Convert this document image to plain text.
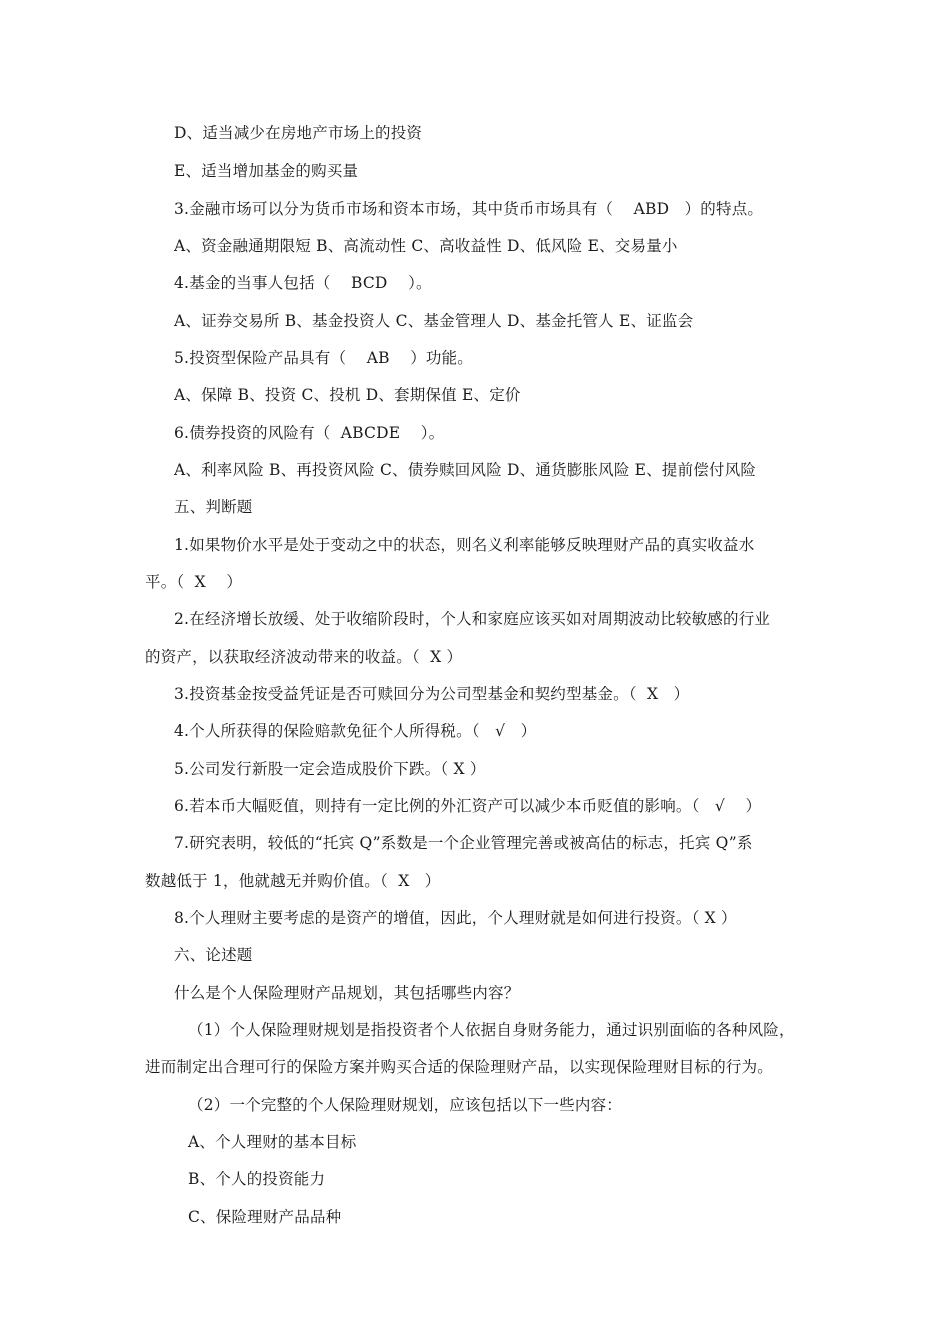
D、适当减少在房地产市场上的投资
E、适当增加基金的购买量
3.金融市场可以分为货币市场和资本市场，其中货币市场具有（    ABD   ）的特点。
A、资金融通期限短 B、高流动性 C、高收益性 D、低风险 E、交易量小
4.基金的当事人包括（    BCD    ）。
A、证券交易所 B、基金投资人 C、基金管理人 D、基金托管人 E、证监会
5.投资型保险产品具有（    AB    ）功能。
A、保障 B、投资 C、投机 D、套期保值 E、定价
6.债券投资的风险有（  ABCDE    ）。
A、利率风险 B、再投资风险 C、债券赎回风险 D、通货膨胀风险 E、提前偿付风险
五、判断题
1.如果物价水平是处于变动之中的状态，则名义利率能够反映理财产品的真实收益水
平。（  X    ）
2.在经济增长放缓、处于收缩阶段时，个人和家庭应该买如对周期波动比较敏感的行业
的资产，以获取经济波动带来的收益。（  X ）
3.投资基金按受益凭证是否可赎回分为公司型基金和契约型基金。（  X   ）
4.个人所获得的保险赔款免征个人所得税。（   √   ）
5.公司发行新股一定会造成股价下跌。（ X ）
6.若本币大幅贬值，则持有一定比例的外汇资产可以减少本币贬值的影响。（   √    ）
7.研究表明，较低的“托宾 Q”系数是一个企业管理完善或被高估的标志，托宾 Q”系
数越低于 1，他就越无并购价值。（  X   ）
8.个人理财主要考虑的是资产的增值，因此，个人理财就是如何进行投资。（ X ）
六、论述题
什么是个人保险理财产品规划，其包括哪些内容？
（1）个人保险理财规划是指投资者个人依据自身财务能力，通过识别面临的各种风险，
进而制定出合理可行的保险方案并购买合适的保险理财产品，以实现保险理财目标的行为。
（2）一个完整的个人保险理财规划，应该包括以下一些内容：
A、个人理财的基本目标
B、个人的投资能力
C、保险理财产品品种
